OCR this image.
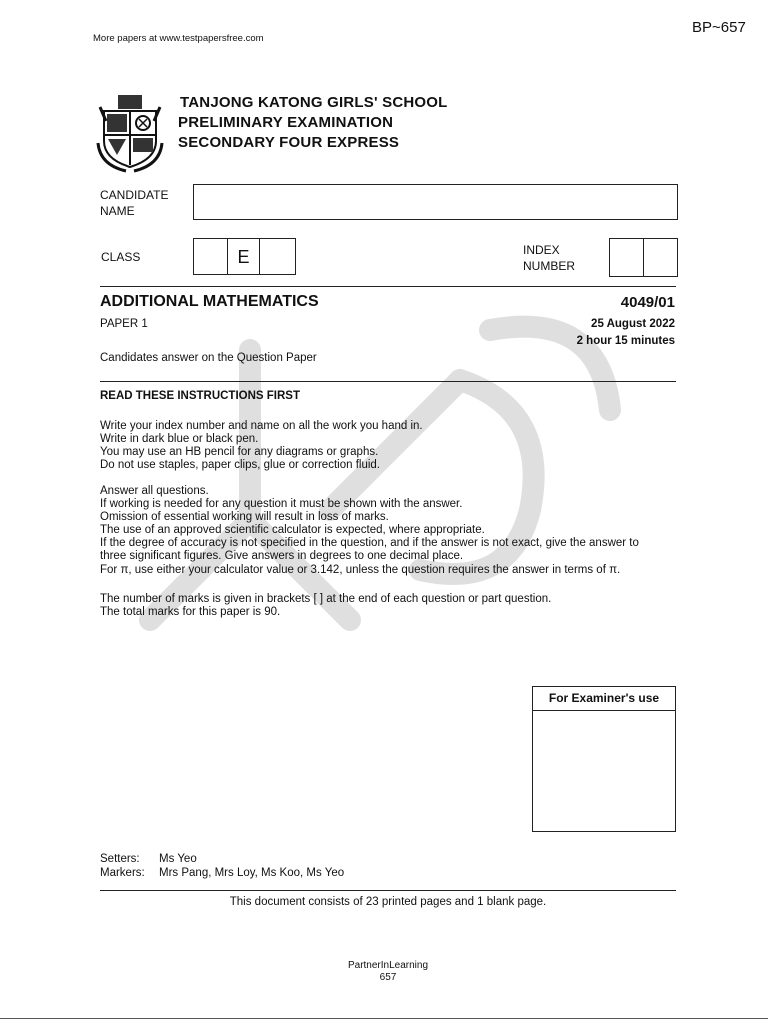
More papers at www.testpapersfree.com
BP~657
TANJONG KATONG GIRLS' SCHOOL
PRELIMINARY EXAMINATION
SECONDARY FOUR EXPRESS
CANDIDATE
NAME
CLASS	E	INDEX
NUMBER
ADDITIONAL MATHEMATICS	4049/01
PAPER 1	25 August 2022
2 hour 15 minutes
Candidates answer on the Question Paper
READ THESE INSTRUCTIONS FIRST
Write your index number and name on all the work you hand in.
Write in dark blue or black pen.
You may use an HB pencil for any diagrams or graphs.
Do not use staples, paper clips, glue or correction fluid.
Answer all questions.
If working is needed for any question it must be shown with the answer.
Omission of essential working will result in loss of marks.
The use of an approved scientific calculator is expected, where appropriate.
If the degree of accuracy is not specified in the question, and if the answer is not exact, give the answer to
three significant figures. Give answers in degrees to one decimal place.
For π, use either your calculator value or 3.142, unless the question requires the answer in terms of π.
The number of marks is given in brackets [ ] at the end of each question or part question.
The total marks for this paper is 90.
For Examiner's use
Setters: Ms Yeo
Markers: Mrs Pang, Mrs Loy, Ms Koo, Ms Yeo
This document consists of 23 printed pages and 1 blank page.
PartnerInLearning
657
